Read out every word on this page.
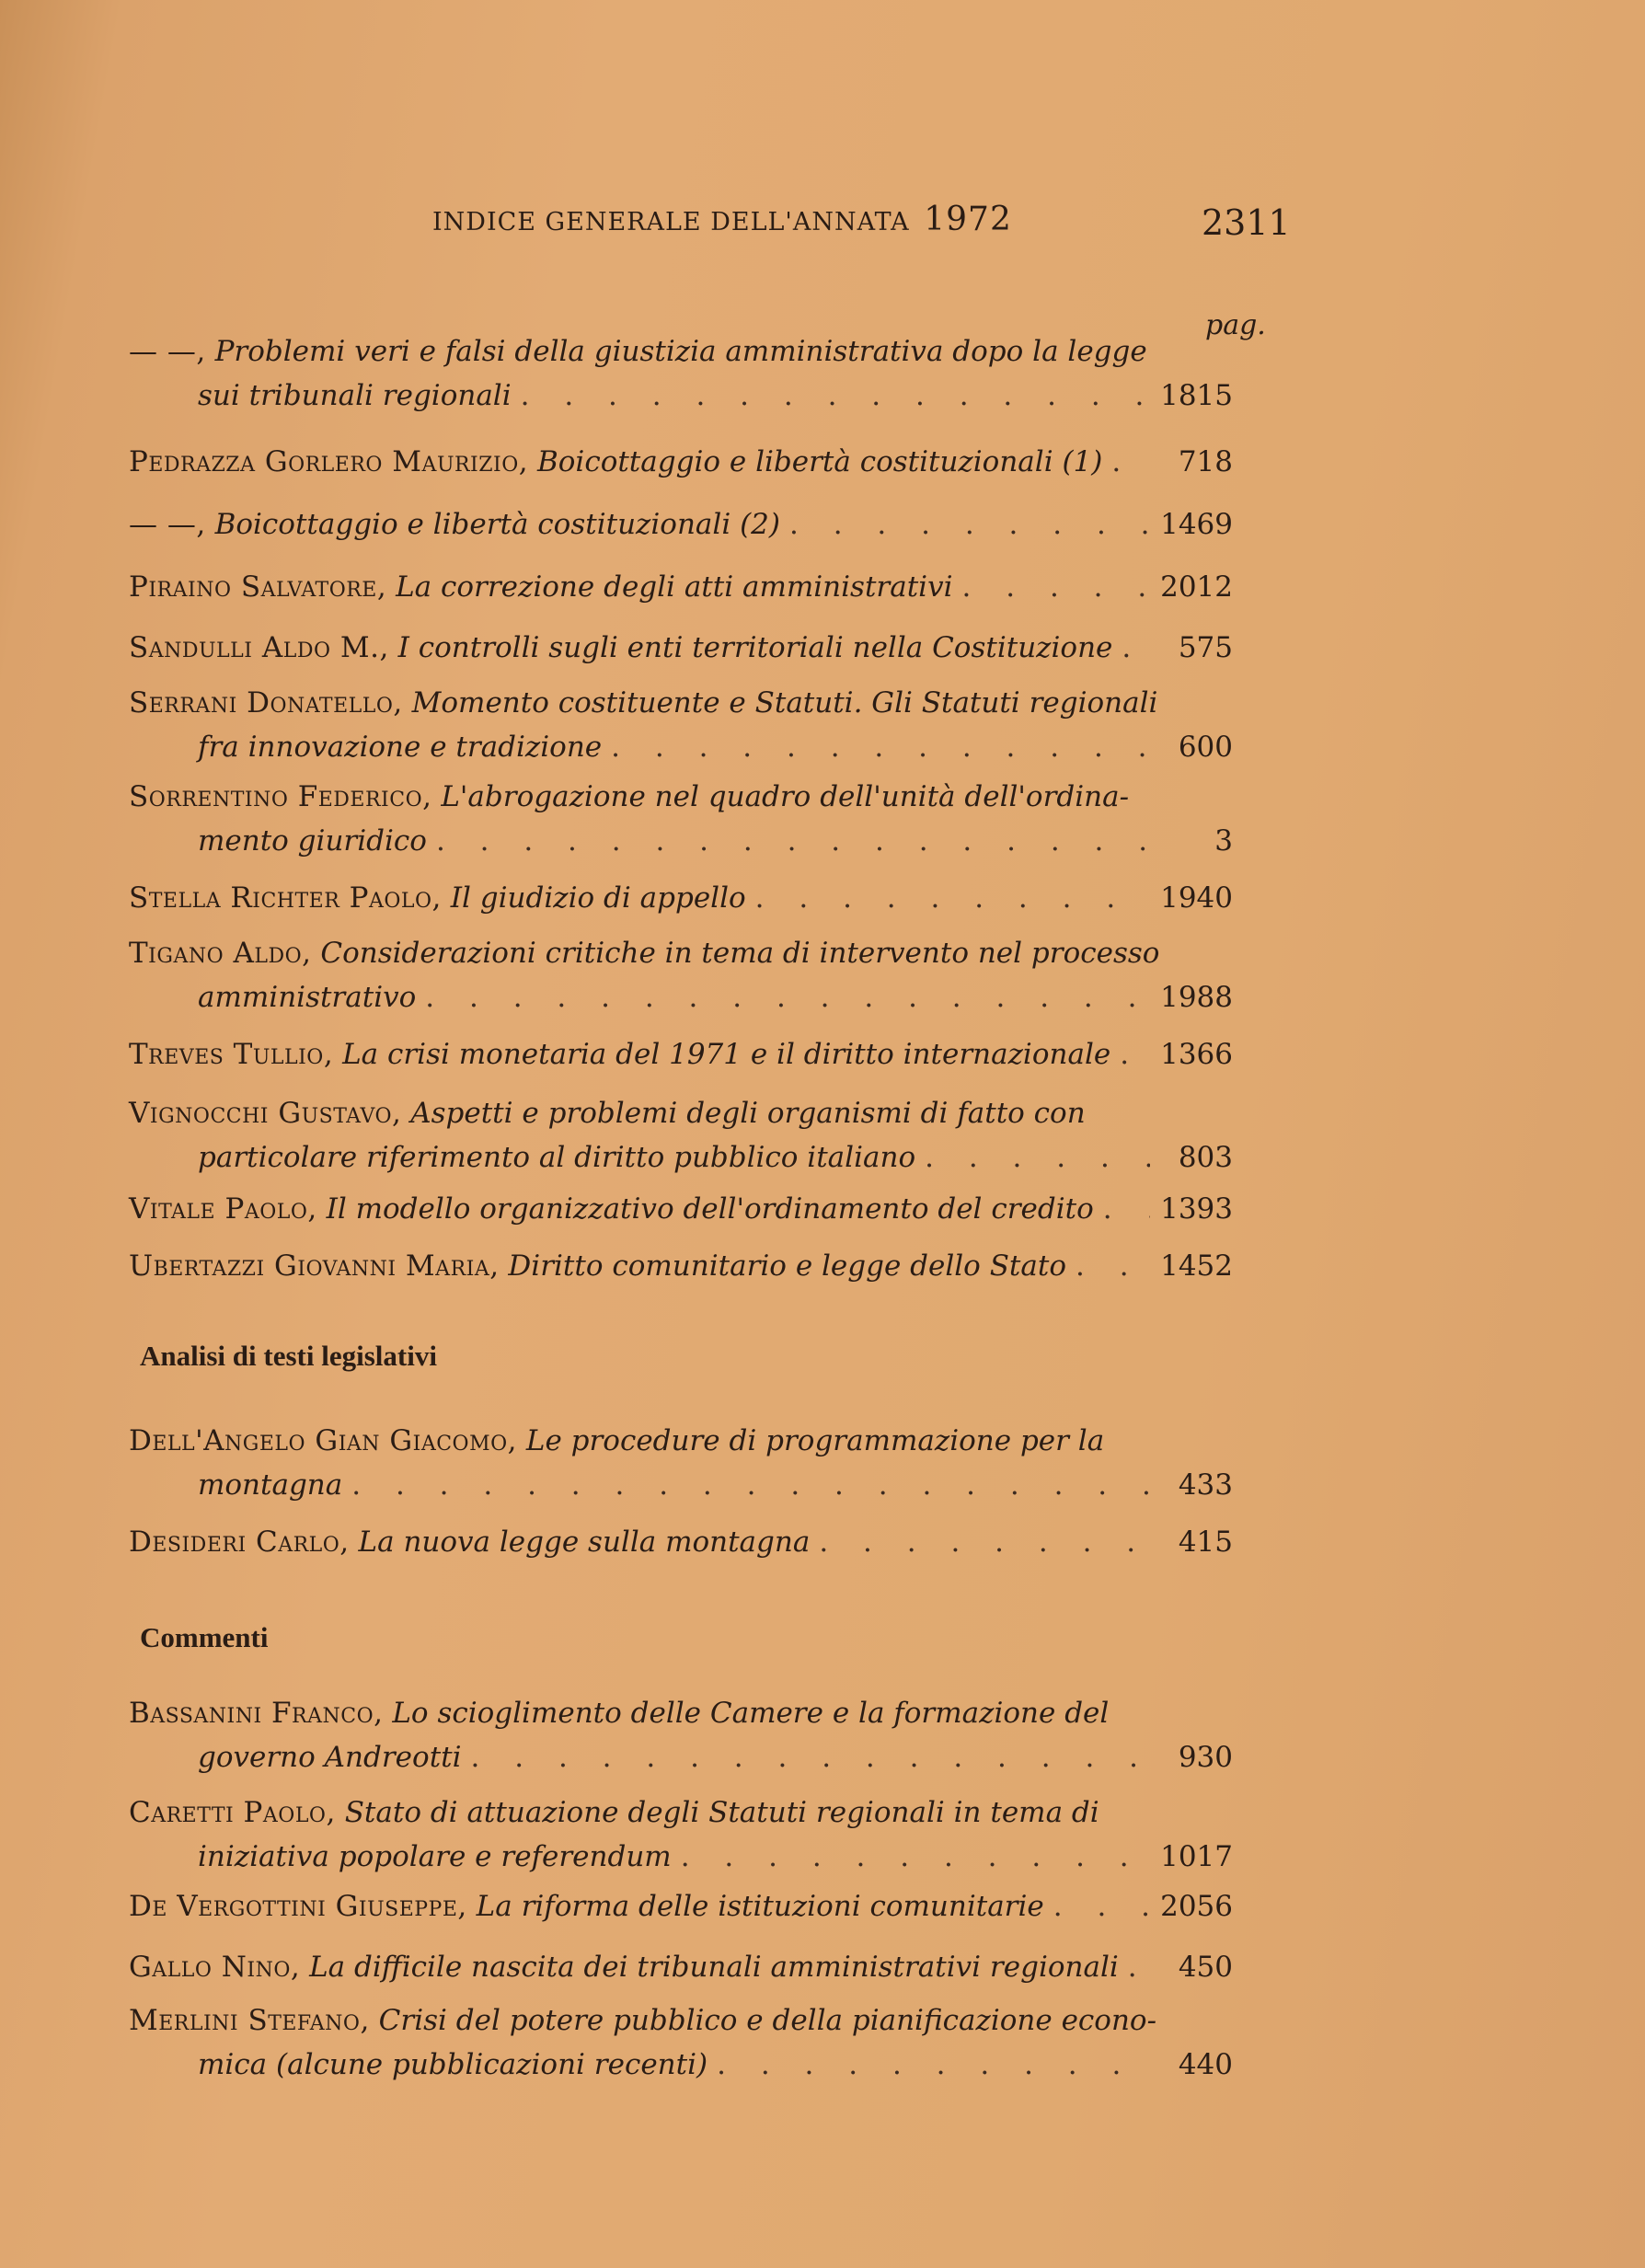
INDICE GENERALE DELL'ANNATA 1972	2311
pag.
— —, Problemi veri e falsi della giustizia amministrativa dopo la legge
sui tribunali regionali . . .	1815
Pedrazza Gorlero Maurizio,
Boicottaggio e libertà costituzionali (1) . . .	718
— —,
Boicottaggio e libertà costituzionali (2) . . .	1469
Piraino Salvatore,
La correzione degli atti amministrativi . . .	2012
Sandulli Aldo M.,
I controlli sugli enti territoriali nella Costituzione . . .	575
Serrani Donatello, Momento costituente e Statuti. Gli Statuti regionali
fra innovazione e tradizione . . .	600
Sorrentino Federico, L'abrogazione nel quadro dell'unità dell'ordina-
mento giuridico . . .	3
Stella Richter Paolo,
Il giudizio di appello . . .	1940
Tigano Aldo, Considerazioni critiche in tema di intervento nel processo
amministrativo . . .	1988
Treves Tullio,
La crisi monetaria del 1971 e il diritto internazionale . . . 1366
Vignocchi Gustavo, Aspetti e problemi degli organismi di fatto con
particolare riferimento al diritto pubblico italiano . . .	803
Vitale Paolo,
Il modello organizzativo dell'ordinamento del credito . . . 1393
Ubertazzi Giovanni Maria,
Diritto comunitario e legge dello Stato . . .	1452
Analisi di testi legislativi
Dell'Angelo Gian Giacomo, Le procedure di programmazione per la
montagna . . .	433
Desideri Carlo,
La nuova legge sulla montagna . . .	415
Commenti
Bassanini Franco, Lo scioglimento delle Camere e la formazione del
governo Andreotti . . .	930
Caretti Paolo, Stato di attuazione degli Statuti regionali in tema di
iniziativa popolare e referendum . . .	1017
De Vergottini Giuseppe,
La riforma delle istituzioni comunitarie . . .	2056
Gallo Nino,
La difficile nascita dei tribunali amministrativi regionali . . .	450
Merlini Stefano, Crisi del potere pubblico e della pianificazione econo-
mica (alcune pubblicazioni recenti) . . .	440
